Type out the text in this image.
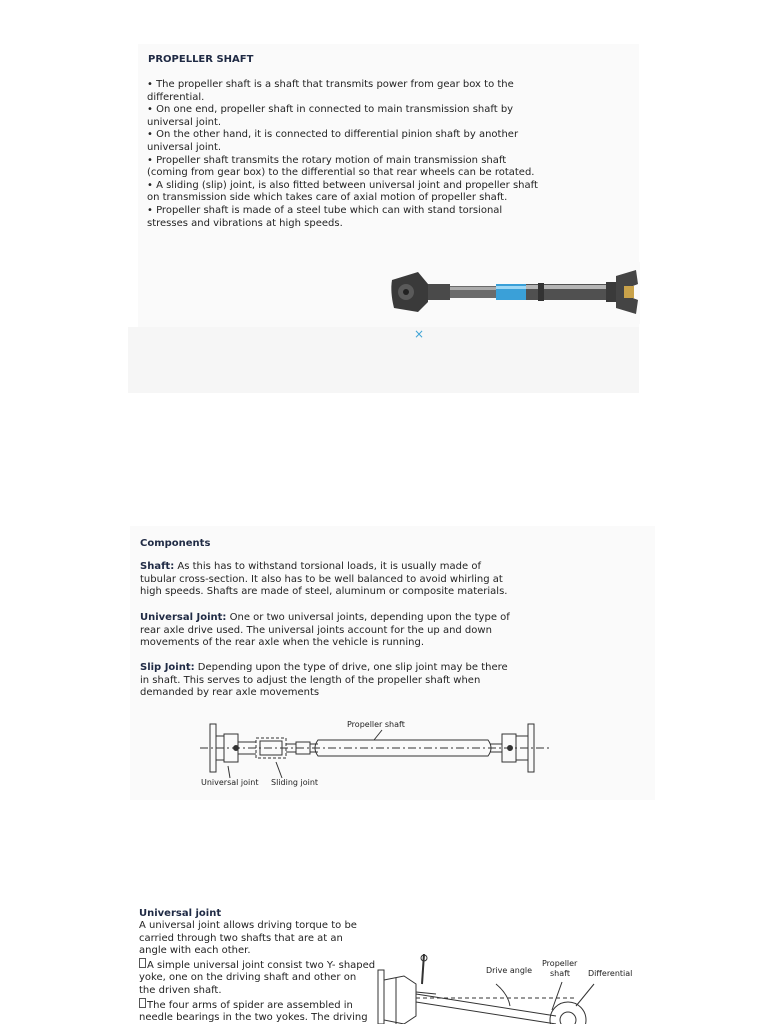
PROPELLER SHAFT
• The propeller shaft is a shaft that transmits power from gear box to the differential.
• On one end, propeller shaft in connected to main transmission shaft by universal joint.
• On the other hand, it is connected to differential pinion shaft by another universal joint.
• Propeller shaft transmits the rotary motion of main transmission shaft (coming from gear box) to the differential so that rear wheels can be rotated.
• A sliding (slip) joint, is also fitted between universal joint and propeller shaft on transmission side which takes care of axial motion of propeller shaft.
• Propeller shaft is made of a steel tube which can with stand torsional stresses and vibrations at high speeds.
×
Components
Shaft: As this has to withstand torsional loads, it is usually made of tubular cross-section. It also has to be well balanced to avoid whirling at high speeds. Shafts are made of steel, aluminum or composite materials.
Universal Joint: One or two universal joints, depending upon the type of rear axle drive used. The universal joints account for the up and down movements of the rear axle when the vehicle is running.
Slip Joint: Depending upon the type of drive, one slip joint may be there in shaft. This serves to adjust the length of the propeller shaft when demanded by rear axle movements
Propeller shaft
Universal joint Sliding joint
Universal joint
A universal joint allows driving torque to be
carried through two shafts that are at an
angle with each other.
A simple universal joint consist two Y- shaped
yoke, one on the driving shaft and other on
the driven shaft.
The four arms of spider are assembled in
needle bearings in the two yokes. The driving
Drive angle
Propeller
shaft Differential
